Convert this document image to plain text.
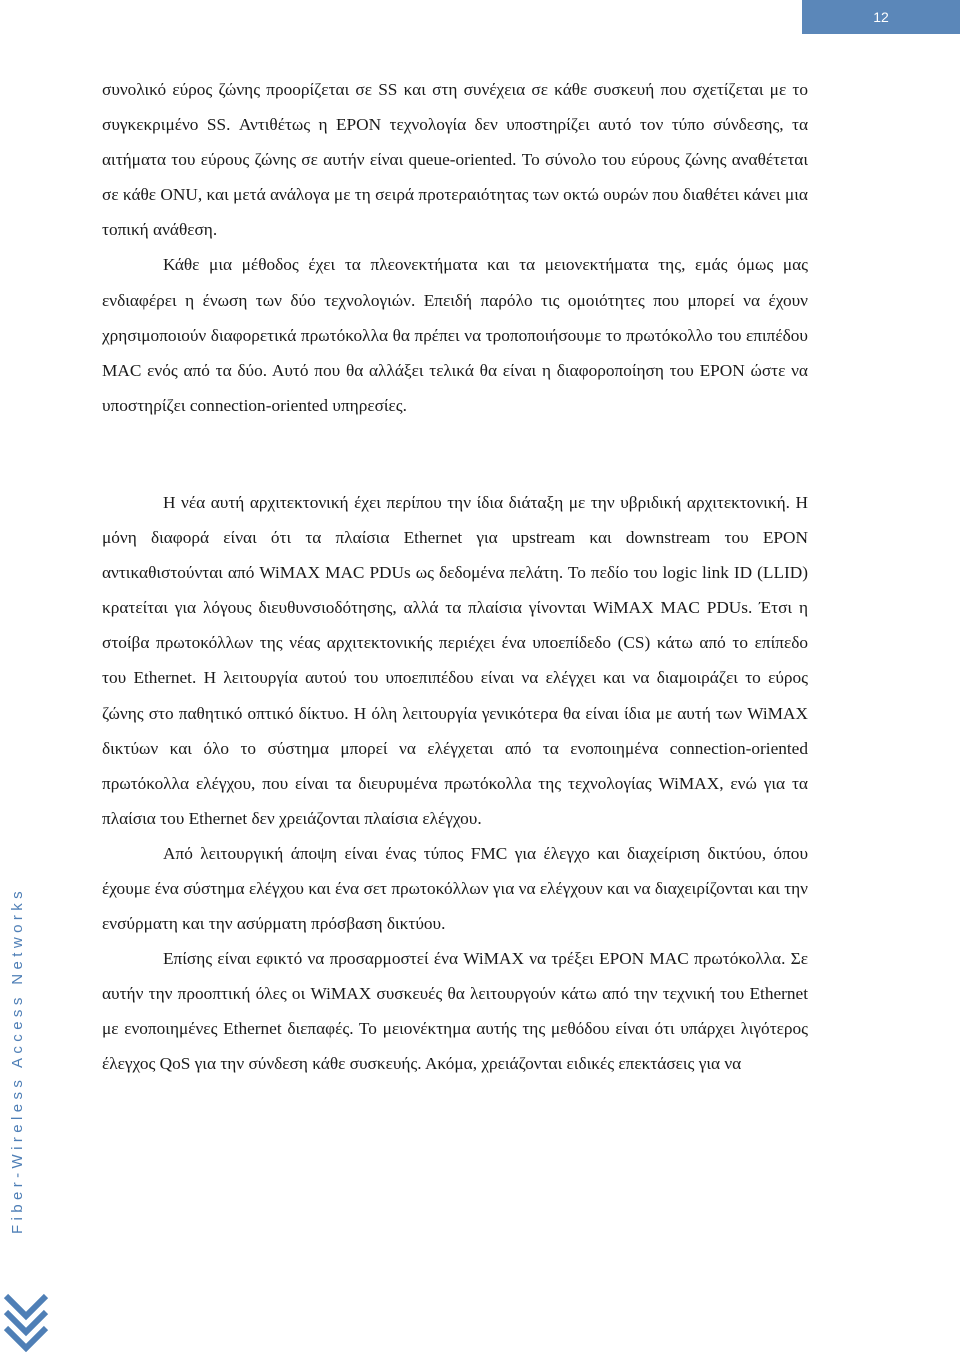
12
Fiber-Wireless Access Networks

συνολικό εύρος ζώνης προορίζεται σε SS και στη συνέχεια σε κάθε συσκευή που σχετίζεται με το συγκεκριμένο SS. Αντιθέτως η EPON τεχνολογία δεν υποστηρίζει αυτό τον τύπο σύνδεσης, τα αιτήματα του εύρους ζώνης σε αυτήν είναι queue-oriented. Το σύνολο του εύρους ζώνης αναθέτεται σε κάθε ONU, και μετά ανάλογα με τη σειρά προτεραιότητας των οκτώ ουρών που διαθέτει κάνει μια τοπική ανάθεση.

Κάθε μια μέθοδος έχει τα πλεονεκτήματα και τα μειονεκτήματα της, εμάς όμως μας ενδιαφέρει η ένωση των δύο τεχνολογιών. Επειδή παρόλο τις ομοιότητες που μπορεί να έχουν χρησιμοποιούν διαφορετικά πρωτόκολλα θα πρέπει να τροποποιήσουμε το πρωτόκολλο του επιπέδου MAC ενός από τα δύο. Αυτό που θα αλλάξει τελικά θα είναι η διαφοροποίηση του EPON ώστε να υποστηρίζει connection-oriented υπηρεσίες.

Η νέα αυτή αρχιτεκτονική έχει περίπου την ίδια διάταξη με την υβριδική αρχιτεκτονική. Η μόνη διαφορά είναι ότι τα πλαίσια Ethernet για upstream και downstream του EPON αντικαθιστούνται από WiMAX MAC PDUs ως δεδομένα πελάτη. Το πεδίο του logic link ID (LLID) κρατείται για λόγους διευθυνσιοδότησης, αλλά τα πλαίσια γίνονται WiMAX MAC PDUs. Έτσι η στοίβα πρωτοκόλλων της νέας αρχιτεκτονικής περιέχει ένα υποεπίδεδο (CS) κάτω από το επίπεδο του Ethernet. Η λειτουργία αυτού του υποεπιπέδου είναι να ελέγχει και να διαμοιράζει το εύρος ζώνης στο παθητικό οπτικό δίκτυο. Η όλη λειτουργία γενικότερα θα είναι ίδια με αυτή των WiMAX δικτύων και όλο το σύστημα μπορεί να ελέγχεται από τα ενοποιημένα connection-oriented πρωτόκολλα ελέγχου, που είναι τα διευρυμένα πρωτόκολλα της τεχνολογίας WiMAX, ενώ για τα πλαίσια του Ethernet δεν χρειάζονται πλαίσια ελέγχου.

Από λειτουργική άποψη είναι ένας τύπος FMC για έλεγχο και διαχείριση δικτύου, όπου έχουμε ένα σύστημα ελέγχου και ένα σετ πρωτοκόλλων για να ελέγχουν και να διαχειρίζονται και την ενσύρματη και την ασύρματη πρόσβαση δικτύου.

Επίσης είναι εφικτό να προσαρμοστεί ένα WiMAX να τρέξει EPON MAC πρωτόκολλα. Σε αυτήν την προοπτική όλες οι WiMAX συσκευές θα λειτουργούν κάτω από την τεχνική του Ethernet με ενοποιημένες Ethernet διεπαφές. Το μειονέκτημα αυτής της μεθόδου είναι ότι υπάρχει λιγότερος έλεγχος QoS για την σύνδεση κάθε συσκευής. Ακόμα, χρειάζονται ειδικές επεκτάσεις για να
